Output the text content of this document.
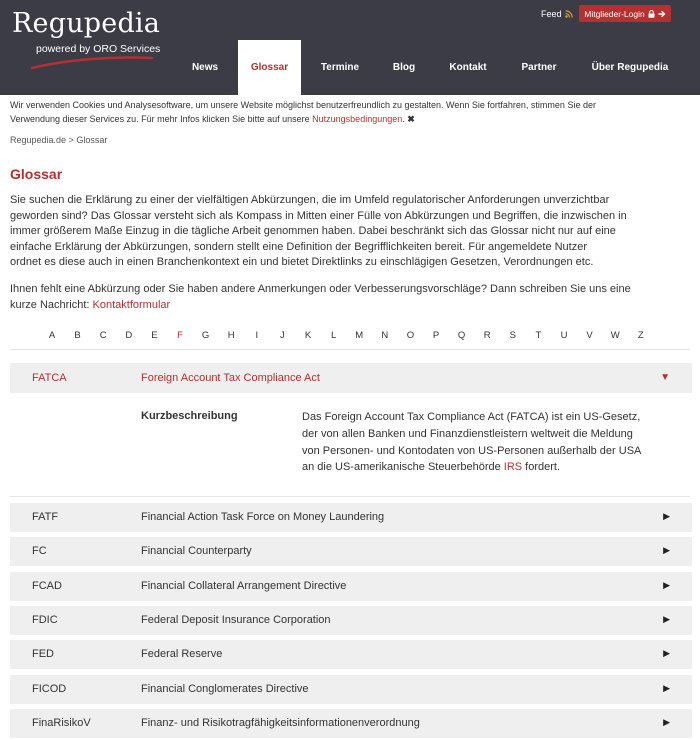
Regupedia
powered by ORO Services
Feed	Mitglieder-Login
News	Glossar	Termine	Blog	Kontakt	Partner	Über Regupedia
Wir verwenden Cookies und Analysesoftware, um unsere Website möglichst benutzerfreundlich zu gestalten. Wenn Sie fortfahren, stimmen Sie der
Verwendung dieser Services zu. Für mehr Infos klicken Sie bitte auf unsere Nutzungsbedingungen. ✖
Regupedia.de > Glossar
Glossar
Sie suchen die Erklärung zu einer der vielfältigen Abkürzungen, die im Umfeld regulatorischer Anforderungen unverzichtbar
geworden sind? Das Glossar versteht sich als Kompass in Mitten einer Fülle von Abkürzungen und Begriffen, die inzwischen in
immer größerem Maße Einzug in die tägliche Arbeit genommen haben. Dabei beschränkt sich das Glossar nicht nur auf eine
einfache Erklärung der Abkürzungen, sondern stellt eine Definition der Begrifflichkeiten bereit. Für angemeldete Nutzer
ordnet es diese auch in einen Branchenkontext ein und bietet Direktlinks zu einschlägigen Gesetzen, Verordnungen etc.
Ihnen fehlt eine Abkürzung oder Sie haben andere Anmerkungen oder Verbesserungsvorschläge? Dann schreiben Sie uns eine
kurze Nachricht: Kontaktformular
A B C D E F G H I J K L M N O P Q R S T U V W Z
FATCA	Foreign Account Tax Compliance Act	▼
Kurzbeschreibung	Das Foreign Account Tax Compliance Act (FATCA) ist ein US-Gesetz,
der von allen Banken und Finanzdienstleistern weltweit die Meldung
von Personen- und Kontodaten von US-Personen außerhalb der USA
an die US-amerikanische Steuerbehörde IRS fordert.
FATF	Financial Action Task Force on Money Laundering	▶
FC	Financial Counterparty	▶
FCAD	Financial Collateral Arrangement Directive	▶
FDIC	Federal Deposit Insurance Corporation	▶
FED	Federal Reserve	▶
FICOD	Financial Conglomerates Directive	▶
FinaRisikoV	Finanz- und Risikotragfähigkeitsinformationenverordnung	▶
